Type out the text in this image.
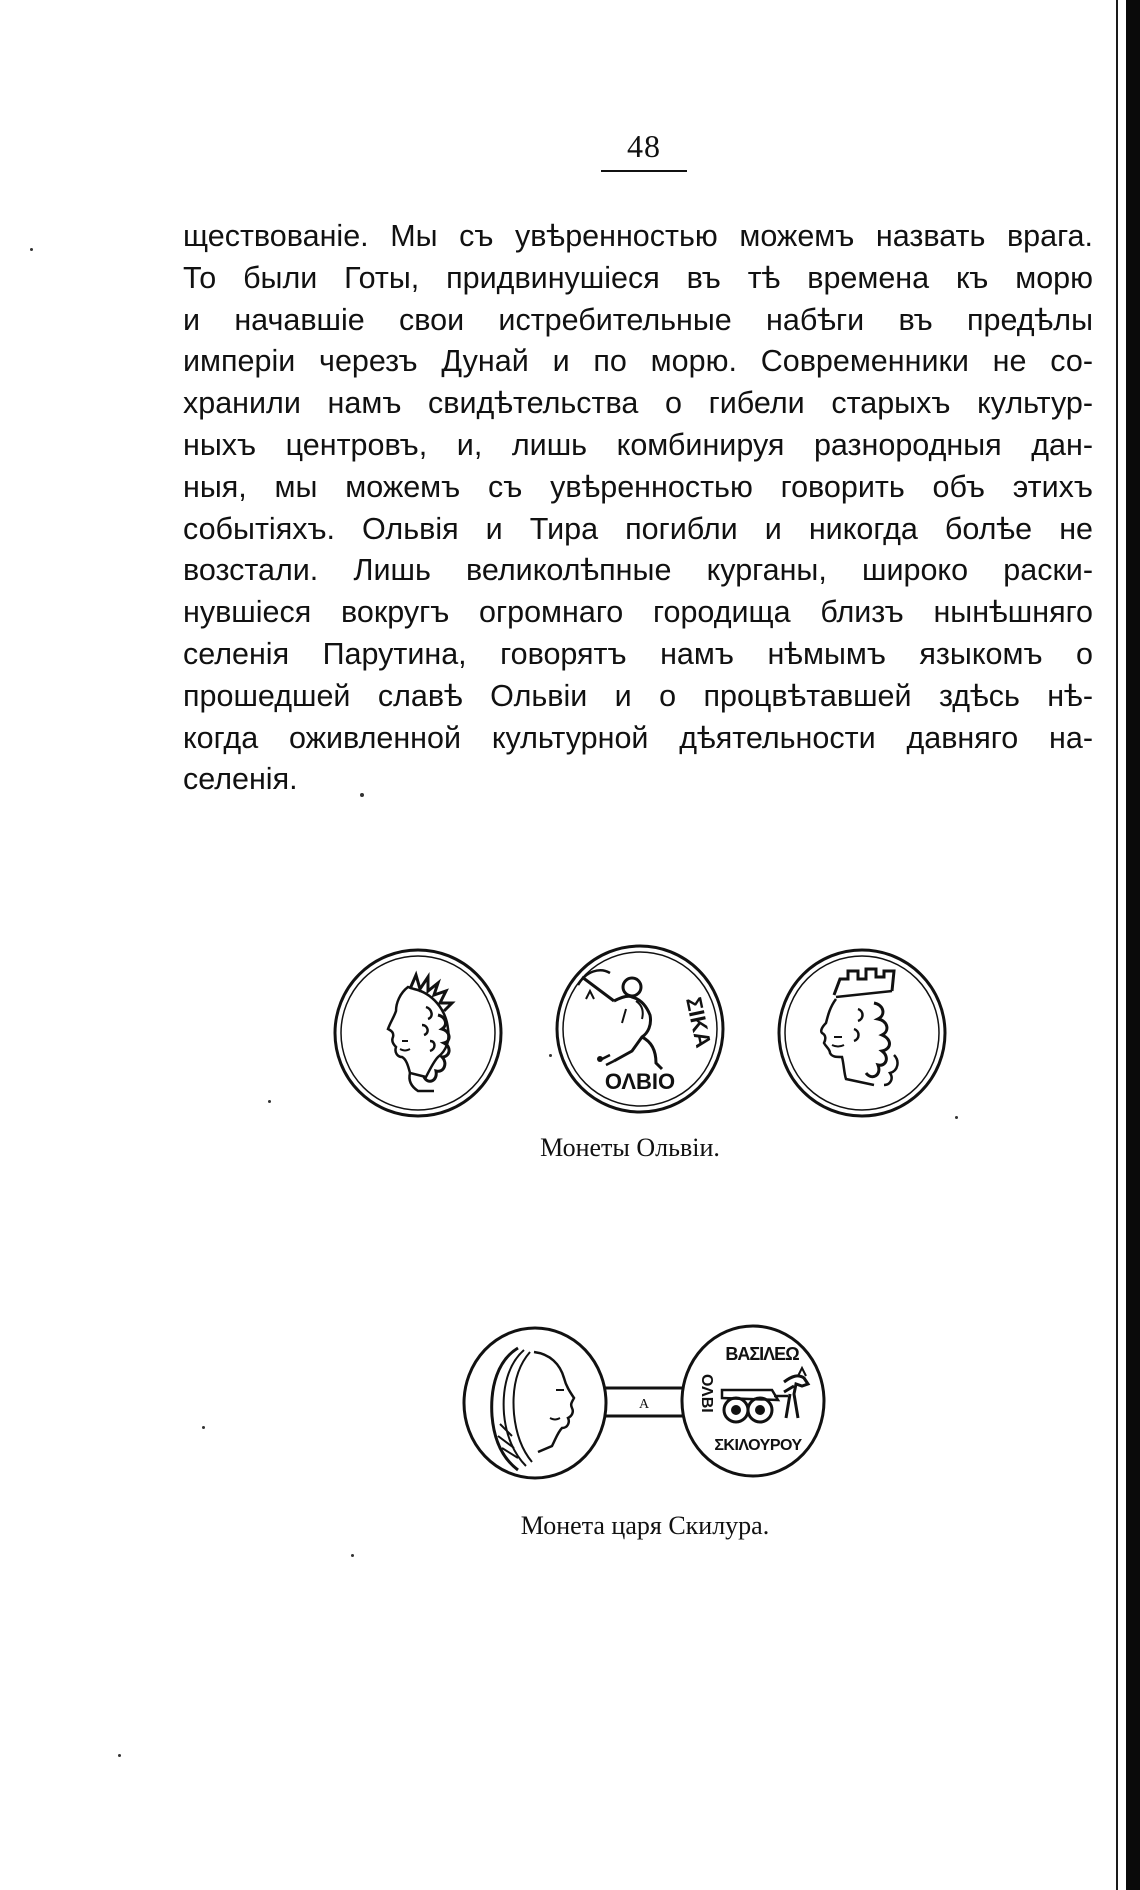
48
ществованіе. Мы съ увѣренностью можемъ назвать врага.
То были Готы, придвинушіеся въ тѣ времена къ морю
и начавшіе свои истребительные набѣги въ предѣлы
имперіи черезъ Дунай и по морю. Современники не со-
хранили намъ свидѣтельства о гибели старыхъ культур-
ныхъ центровъ, и, лишь комбинируя разнородныя дан-
ныя, мы можемъ съ увѣренностью говорить объ этихъ
событіяхъ. Ольвія и Тира погибли и никогда болѣе не
возстали. Лишь великолѣпные курганы, широко раски-
нувшіеся вокругъ огромнаго городища близъ нынѣшняго
селенія Парутина, говорятъ намъ нѣмымъ языкомъ о
прошедшей славѣ Ольвіи и о процвѣтавшей здѣсь нѣ-
когда оживленной культурной дѣятельности давняго на-
селенія.
ΣΙΚΑ
ΟΛΒΙΟ
Монеты Ольвiи.
A
ΒΑΣΙΛΕΩ
ΟΛΒΙ
ΣΚΙΛΟΥΡΟΥ
Монета царя Скилура.
